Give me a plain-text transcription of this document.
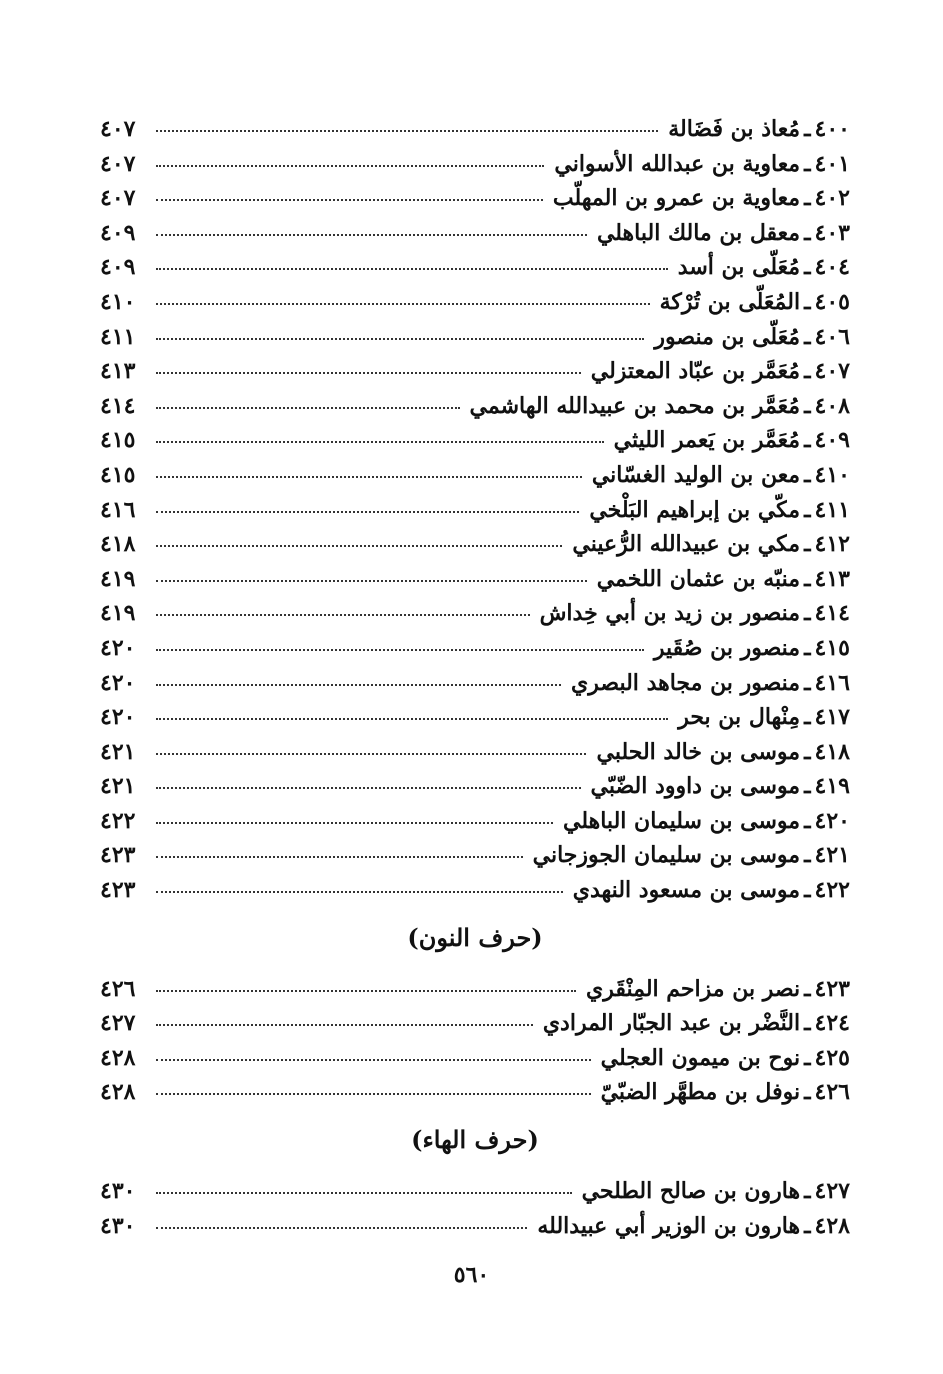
٤٠٠
ـ
مُعاذ بن فَضَالة
٤٠٧
٤٠١
ـ
معاوية بن عبدالله الأسواني
٤٠٧
٤٠٢
ـ
معاوية بن عمرو بن المهلّب
٤٠٧
٤٠٣
ـ
معقل بن مالك الباهلي
٤٠٩
٤٠٤
ـ
مُعَلّى بن أسد
٤٠٩
٤٠٥
ـ
المُعَلّى بن تُرْكة
٤١٠
٤٠٦
ـ
مُعَلّى بن منصور
٤١١
٤٠٧
ـ
مُعَمَّر بن عبّاد المعتزلي
٤١٣
٤٠٨
ـ
مُعَمَّر بن محمد بن عبيدالله الهاشمي
٤١٤
٤٠٩
ـ
مُعَمَّر بن يَعمر الليثي
٤١٥
٤١٠
ـ
معن بن الوليد الغسّاني
٤١٥
٤١١
ـ
مكّي بن إبراهيم البَلْخي
٤١٦
٤١٢
ـ
مكي بن عبيدالله الرُّعيني
٤١٨
٤١٣
ـ
منبّه بن عثمان اللخمي
٤١٩
٤١٤
ـ
منصور بن زيد بن أبي خِداش
٤١٩
٤١٥
ـ
منصور بن صُقَير
٤٢٠
٤١٦
ـ
منصور بن مجاهد البصري
٤٢٠
٤١٧
ـ
مِنْهال بن بحر
٤٢٠
٤١٨
ـ
موسى بن خالد الحلبي
٤٢١
٤١٩
ـ
موسى بن داوود الضّبّي
٤٢١
٤٢٠
ـ
موسى بن سليمان الباهلي
٤٢٢
٤٢١
ـ
موسى بن سليمان الجوزجاني
٤٢٣
٤٢٢
ـ
موسى بن مسعود النهدي
٤٢٣
(حرف النون)
٤٢٣
ـ
نصر بن مزاحم المِنْقَري
٤٢٦
٤٢٤
ـ
النَّضْر بن عبد الجبّار المرادي
٤٢٧
٤٢٥
ـ
نوح بن ميمون العجلي
٤٢٨
٤٢٦
ـ
نوفل بن مطهَّر الضبّيّ
٤٢٨
(حرف الهاء)
٤٢٧
ـ
هارون بن صالح الطلحي
٤٣٠
٤٢٨
ـ
هارون بن الوزير أبي عبيدالله
٤٣٠
٥٦٠
